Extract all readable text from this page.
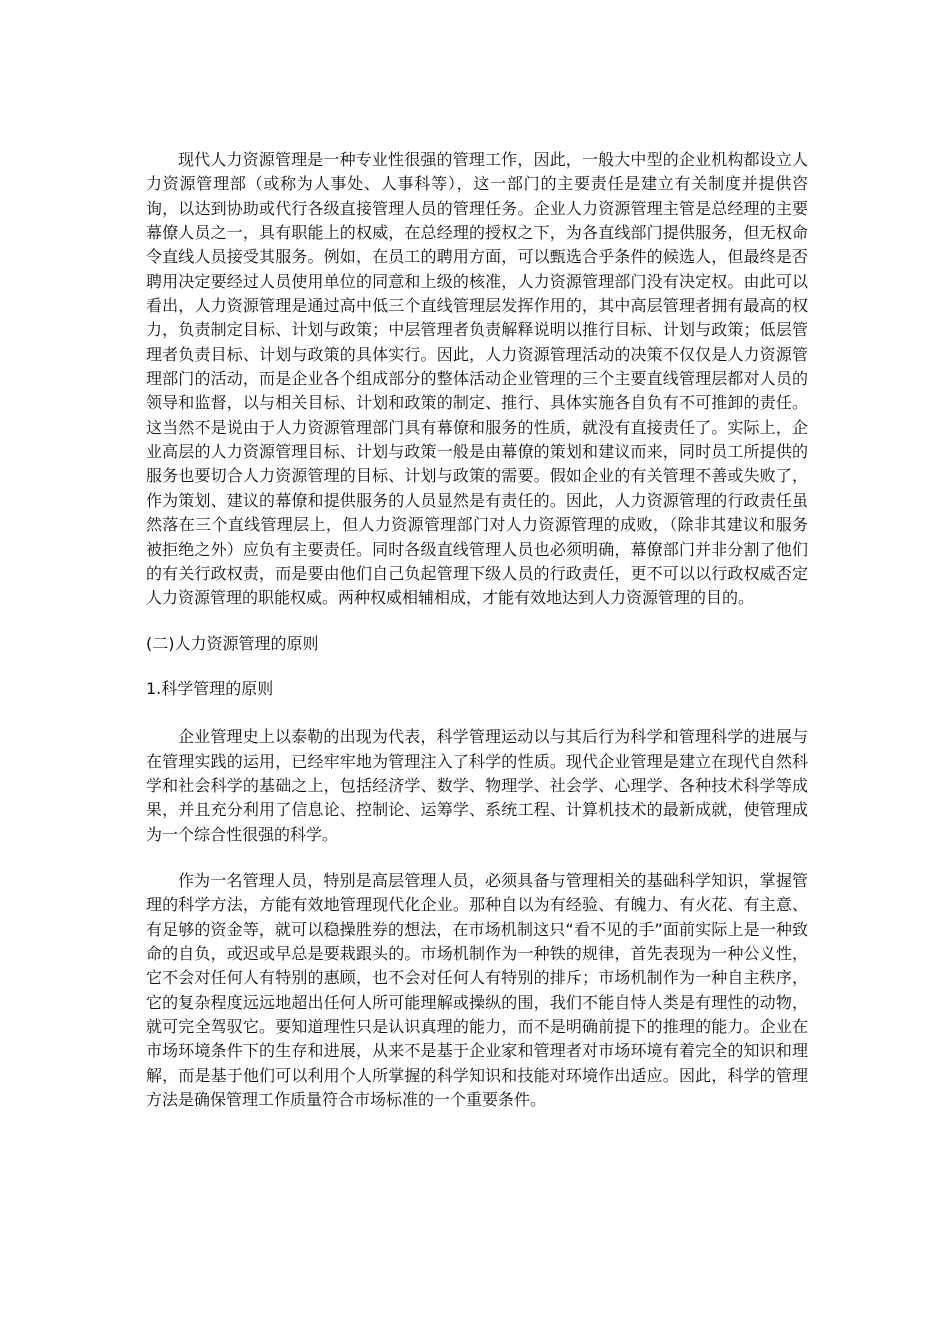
现代人力资源管理是一种专业性很强的管理工作，因此，一般大中型的企业机构都设立人力资源管理部（或称为人事处、人事科等），这一部门的主要责任是建立有关制度并提供咨询，以达到协助或代行各级直接管理人员的管理任务。企业人力资源管理主管是总经理的主要幕僚人员之一，具有职能上的权威，在总经理的授权之下，为各直线部门提供服务，但无权命令直线人员接受其服务。例如，在员工的聘用方面，可以甄选合乎条件的候选人，但最终是否聘用决定要经过人员使用单位的同意和上级的核准，人力资源管理部门没有决定权。由此可以看出，人力资源管理是通过高中低三个直线管理层发挥作用的，其中高层管理者拥有最高的权力，负责制定目标、计划与政策；中层管理者负责解释说明以推行目标、计划与政策；低层管理者负责目标、计划与政策的具体实行。因此，人力资源管理活动的决策不仅仅是人力资源管理部门的活动，而是企业各个组成部分的整体活动企业管理的三个主要直线管理层都对人员的领导和监督，以与相关目标、计划和政策的制定、推行、具体实施各自负有不可推卸的责任。这当然不是说由于人力资源管理部门具有幕僚和服务的性质，就没有直接责任了。实际上，企业高层的人力资源管理目标、计划与政策一般是由幕僚的策划和建议而来，同时员工所提供的服务也要切合人力资源管理的目标、计划与政策的需要。假如企业的有关管理不善或失败了，作为策划、建议的幕僚和提供服务的人员显然是有责任的。因此，人力资源管理的行政责任虽然落在三个直线管理层上，但人力资源管理部门对人力资源管理的成败，（除非其建议和服务被拒绝之外）应负有主要责任。同时各级直线管理人员也必须明确，幕僚部门并非分割了他们的有关行政权责，而是要由他们自己负起管理下级人员的行政责任，更不可以以行政权威否定人力资源管理的职能权威。两种权威相辅相成，才能有效地达到人力资源管理的目的。

(二)人力资源管理的原则

1.科学管理的原则

企业管理史上以泰勒的出现为代表，科学管理运动以与其后行为科学和管理科学的进展与在管理实践的运用，已经牢牢地为管理注入了科学的性质。现代企业管理是建立在现代自然科学和社会科学的基础之上，包括经济学、数学、物理学、社会学、心理学、各种技术科学等成果，并且充分利用了信息论、控制论、运筹学、系统工程、计算机技术的最新成就，使管理成为一个综合性很强的科学。

作为一名管理人员，特别是高层管理人员，必须具备与管理相关的基础科学知识，掌握管理的科学方法，方能有效地管理现代化企业。那种自以为有经验、有魄力、有火花、有主意、有足够的资金等，就可以稳操胜券的想法，在市场机制这只“看不见的手”面前实际上是一种致命的自负，或迟或早总是要栽跟头的。市场机制作为一种铁的规律，首先表现为一种公义性，它不会对任何人有特别的惠顾，也不会对任何人有特别的排斥；市场机制作为一种自主秩序，它的复杂程度远远地超出任何人所可能理解或操纵的围，我们不能自恃人类是有理性的动物，就可完全驾驭它。要知道理性只是认识真理的能力，而不是明确前提下的推理的能力。企业在市场环境条件下的生存和进展，从来不是基于企业家和管理者对市场环境有着完全的知识和理解，而是基于他们可以利用个人所掌握的科学知识和技能对环境作出适应。因此，科学的管理方法是确保管理工作质量符合市场标准的一个重要条件。
